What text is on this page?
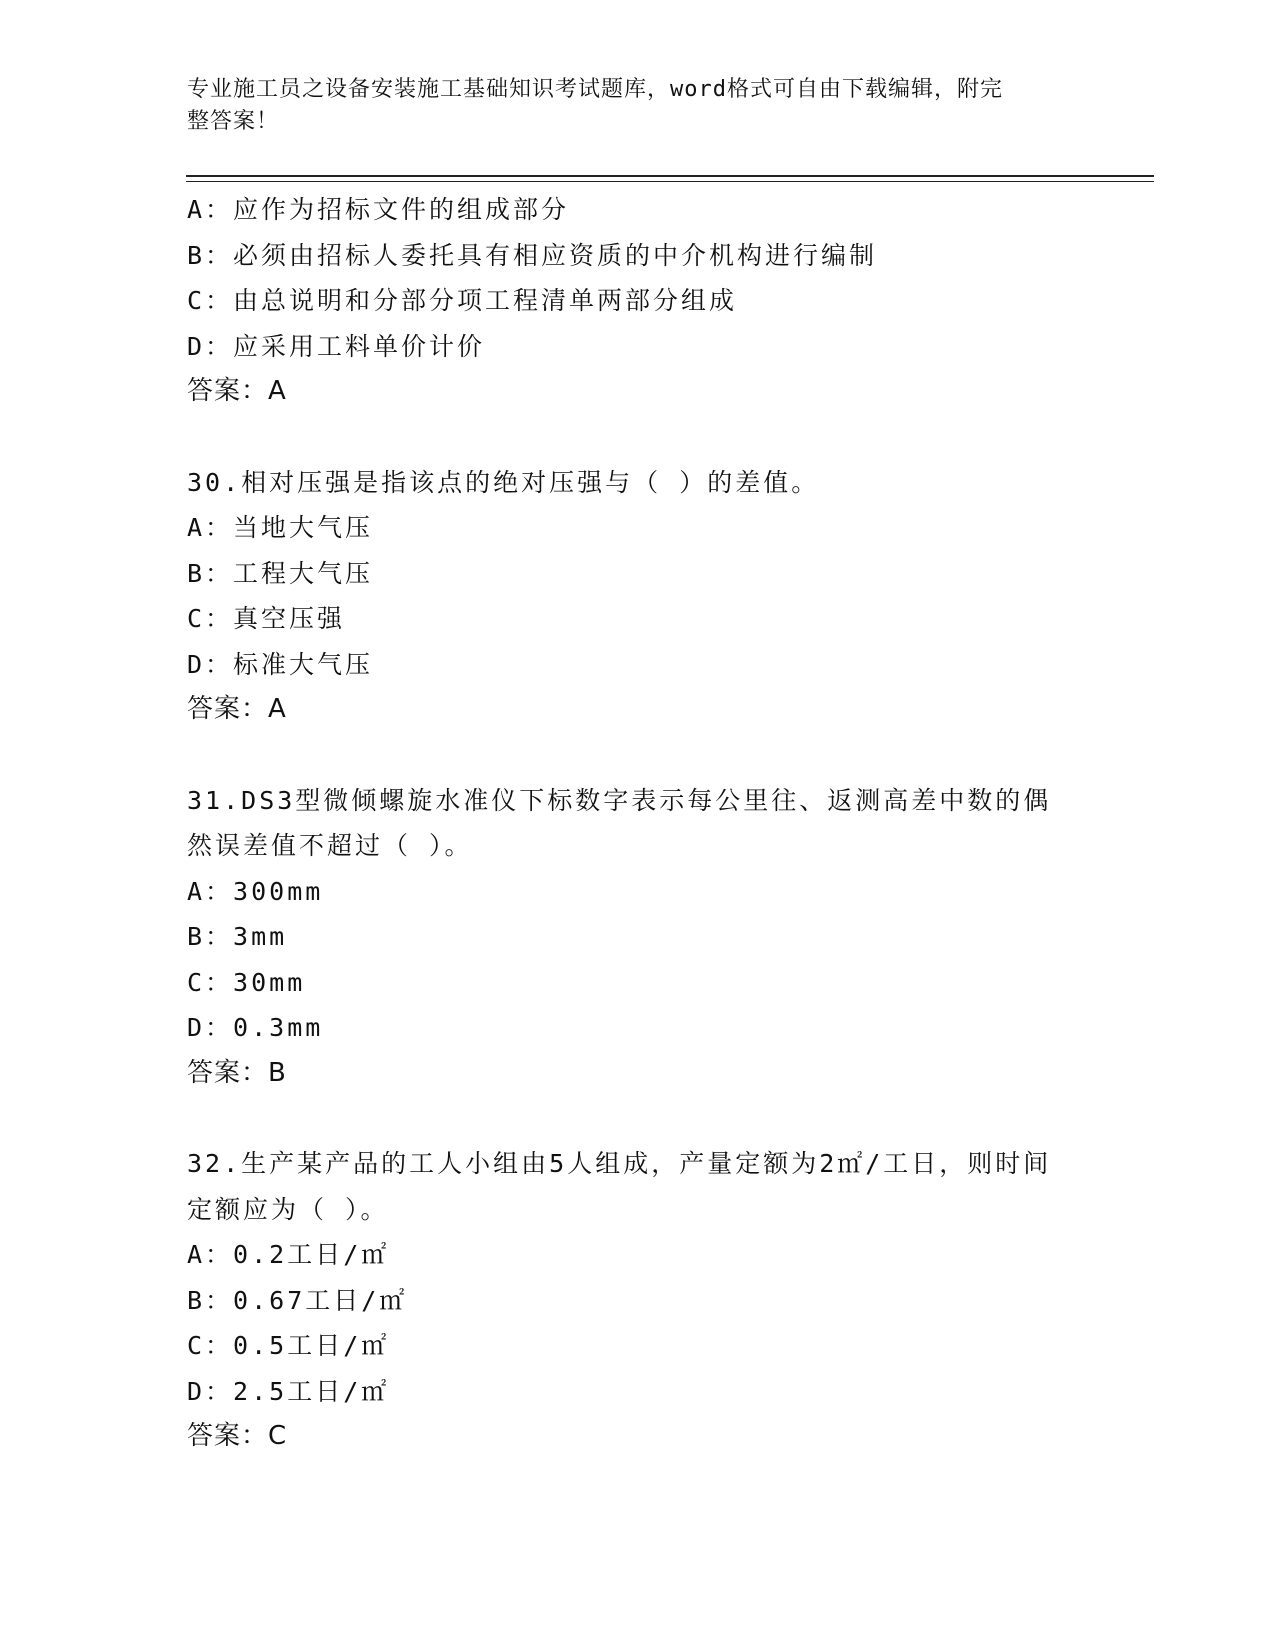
专业施工员之设备安装施工基础知识考试题库，word格式可自由下载编辑，附完
整答案！
A：应作为招标文件的组成部分
B：必须由招标人委托具有相应资质的中介机构进行编制
C：由总说明和分部分项工程清单两部分组成
D：应采用工料单价计价
答案：A
30.相对压强是指该点的绝对压强与（ ）的差值。
A：当地大气压
B：工程大气压
C：真空压强
D：标准大气压
答案：A
31.DS3型微倾螺旋水准仪下标数字表示每公里往、返测高差中数的偶然误差值不超过（ ）。
A：300mm
B：3mm
C：30mm
D：0.3mm
答案：B
32.生产某产品的工人小组由5人组成，产量定额为2㎡/工日，则时间定额应为（ ）。
A：0.2工日/㎡
B：0.67工日/㎡
C：0.5工日/㎡
D：2.5工日/㎡
答案：C
